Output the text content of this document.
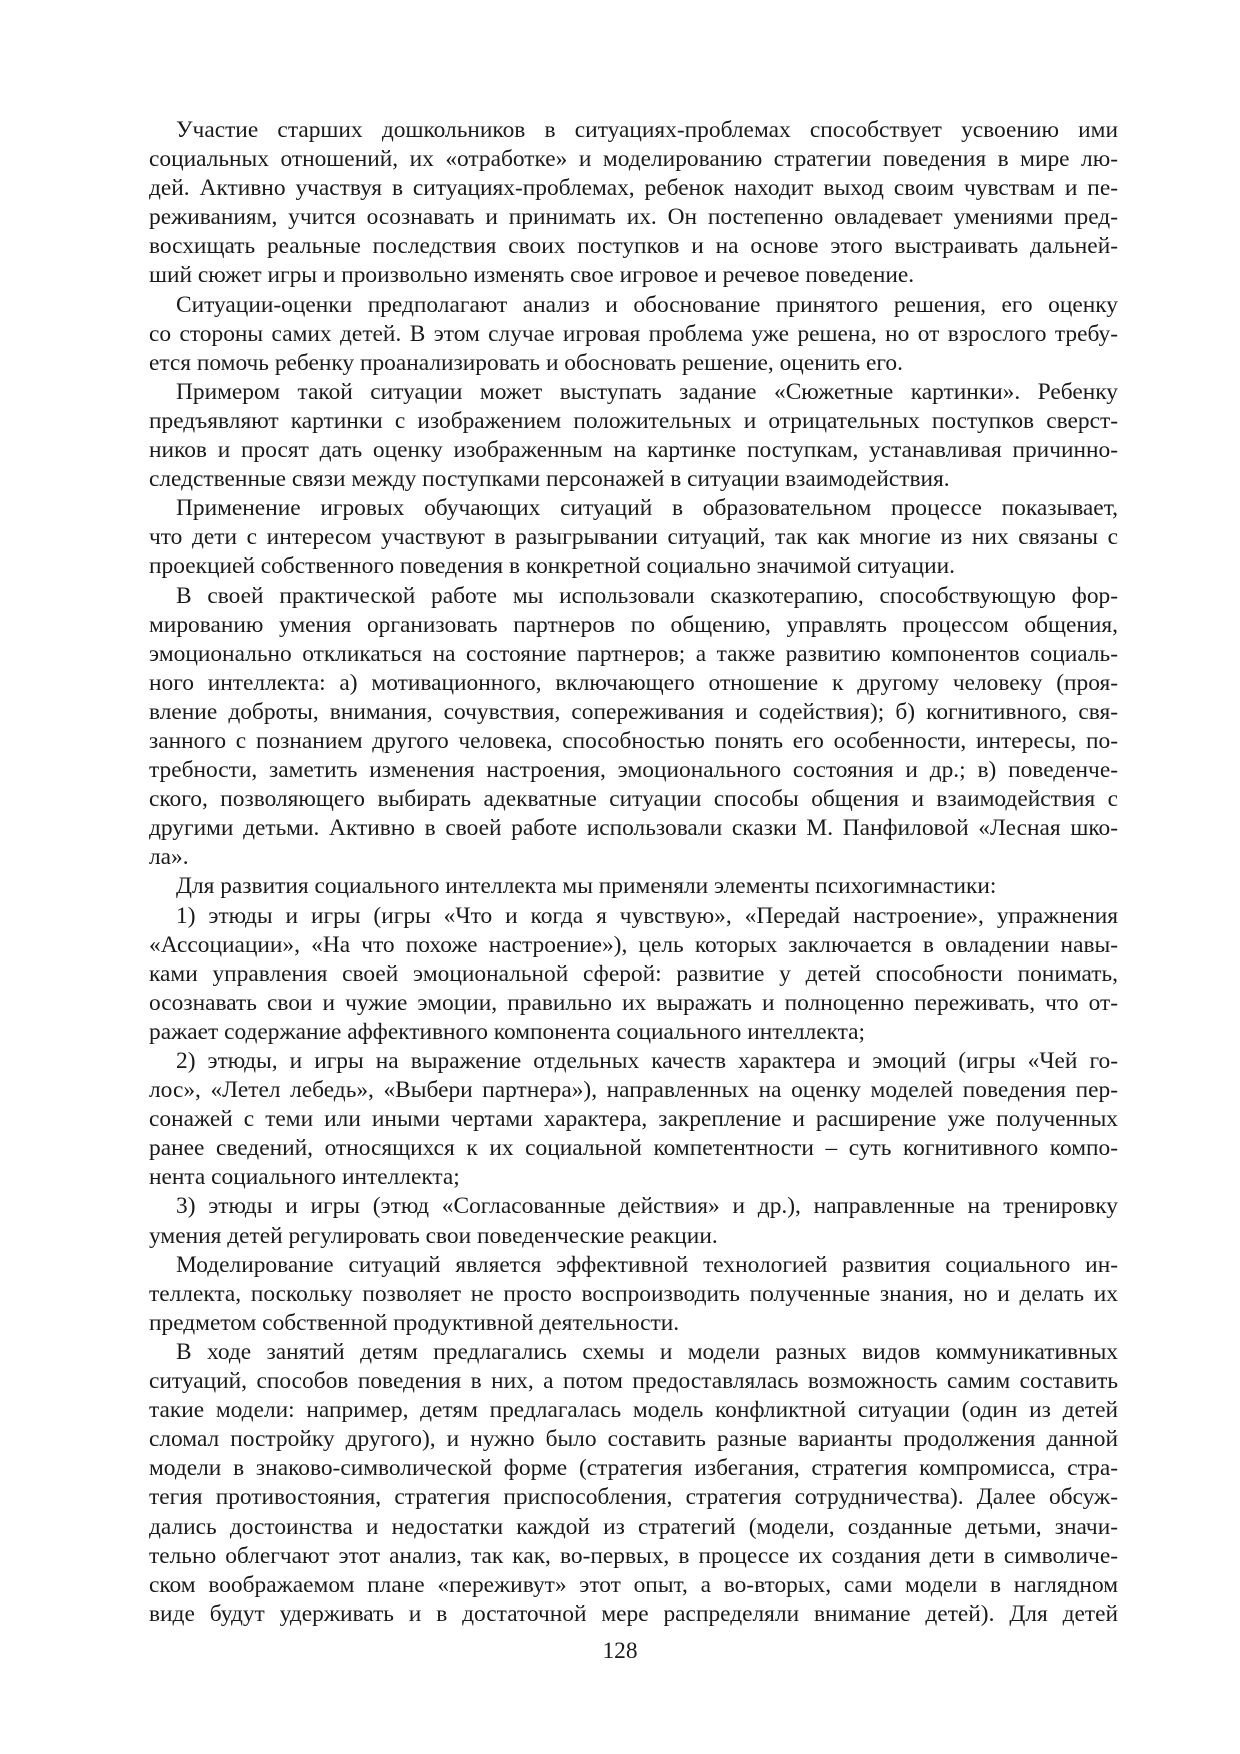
Участие старших дошкольников в ситуациях-проблемах способствует усвоению ими
социальных отношений, их «отработке» и моделированию стратегии поведения в мире лю-
дей. Активно участвуя в ситуациях-проблемах, ребенок находит выход своим чувствам и пе-
реживаниям, учится осознавать и принимать их. Он постепенно овладевает умениями пред-
восхищать реальные последствия своих поступков и на основе этого выстраивать дальней-
ший сюжет игры и произвольно изменять свое игровое и речевое поведение.
Ситуации-оценки предполагают анализ и обоснование принятого решения, его оценку
со стороны самих детей. В этом случае игровая проблема уже решена, но от взрослого требу-
ется помочь ребенку проанализировать и обосновать решение, оценить его.
Примером такой ситуации может выступать задание «Сюжетные картинки». Ребенку
предъявляют картинки с изображением положительных и отрицательных поступков сверст-
ников и просят дать оценку изображенным на картинке поступкам, устанавливая причинно-
следственные связи между поступками персонажей в ситуации взаимодействия.
Применение игровых обучающих ситуаций в образовательном процессе показывает,
что дети с интересом участвуют в разыгрывании ситуаций, так как многие из них связаны с
проекцией собственного поведения в конкретной социально значимой ситуации.
В своей практической работе мы использовали сказкотерапию, способствующую фор-
мированию умения организовать партнеров по общению, управлять процессом общения,
эмоционально откликаться на состояние партнеров; а также развитию компонентов социаль-
ного интеллекта: а) мотивационного, включающего отношение к другому человеку (проя-
вление доброты, внимания, сочувствия, сопереживания и содействия); б) когнитивного, свя-
занного с познанием другого человека, способностью понять его особенности, интересы, по-
требности, заметить изменения настроения, эмоционального состояния и др.; в) поведенче-
ского, позволяющего выбирать адекватные ситуации способы общения и взаимодействия с
другими детьми. Активно в своей работе использовали сказки М. Панфиловой «Лесная шко-
ла».
Для развития социального интеллекта мы применяли элементы психогимнастики:
1) этюды и игры (игры «Что и когда я чувствую», «Передай настроение», упражнения
«Ассоциации», «На что похоже настроение»), цель которых заключается в овладении навы-
ками управления своей эмоциональной сферой: развитие у детей способности понимать,
осознавать свои и чужие эмоции, правильно их выражать и полноценно переживать, что от-
ражает содержание аффективного компонента социального интеллекта;
2) этюды, и игры на выражение отдельных качеств характера и эмоций (игры «Чей го-
лос», «Летел лебедь», «Выбери партнера»), направленных на оценку моделей поведения пер-
сонажей с теми или иными чертами характера, закрепление и расширение уже полученных
ранее сведений, относящихся к их социальной компетентности – суть когнитивного компо-
нента социального интеллекта;
3) этюды и игры (этюд «Согласованные действия» и др.), направленные на тренировку
умения детей регулировать свои поведенческие реакции.
Моделирование ситуаций является эффективной технологией развития социального ин-
теллекта, поскольку позволяет не просто воспроизводить полученные знания, но и делать их
предметом собственной продуктивной деятельности.
В ходе занятий детям предлагались схемы и модели разных видов коммуникативных
ситуаций, способов поведения в них, а потом предоставлялась возможность самим составить
такие модели: например, детям предлагалась модель конфликтной ситуации (один из детей
сломал постройку другого), и нужно было составить разные варианты продолжения данной
модели в знаково-символической форме (стратегия избегания, стратегия компромисса, стра-
тегия противостояния, стратегия приспособления, стратегия сотрудничества). Далее обсуж-
дались достоинства и недостатки каждой из стратегий (модели, созданные детьми, значи-
тельно облегчают этот анализ, так как, во-первых, в процессе их создания дети в символиче-
ском воображаемом плане «переживут» этот опыт, а во-вторых, сами модели в наглядном
виде будут удерживать и в достаточной мере распределяли внимание детей). Для детей
128
